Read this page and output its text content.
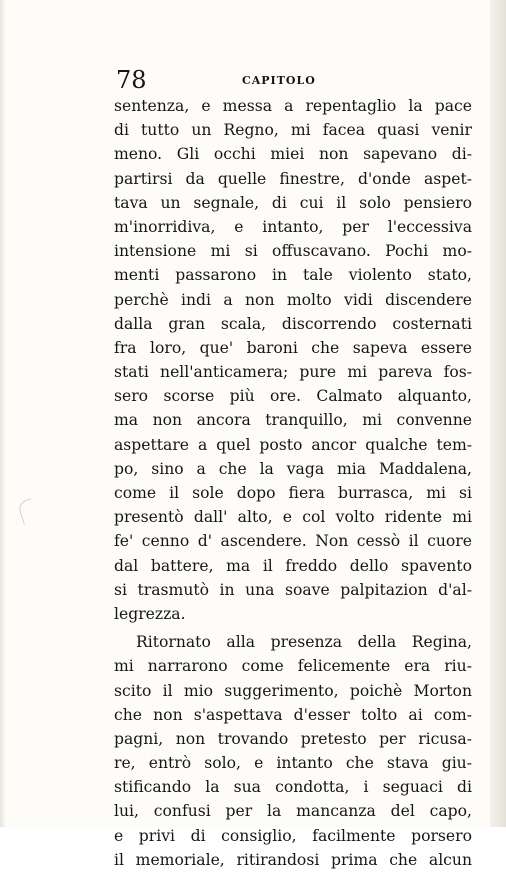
78	CAPITOLO
sentenza, e messa a repentaglio la pace
di tutto un Regno, mi facea quasi venir
meno. Gli occhi miei non sapevano di-
partirsi da quelle finestre, d'onde aspet-
tava un segnale, di cui il solo pensiero
m'inorridiva, e intanto, per l'eccessiva
intensione mi si offuscavano. Pochi mo-
menti passarono in tale violento stato,
perchè indi a non molto vidi discendere
dalla gran scala, discorrendo costernati
fra loro, que' baroni che sapeva essere
stati nell'anticamera; pure mi pareva fos-
sero scorse più ore. Calmato alquanto,
ma non ancora tranquillo, mi convenne
aspettare a quel posto ancor qualche tem-
po, sino a che la vaga mia Maddalena,
come il sole dopo fiera burrasca, mi si
presentò dall' alto, e col volto ridente mi
fe' cenno d' ascendere. Non cessò il cuore
dal battere, ma il freddo dello spavento
si trasmutò in una soave palpitazion d'al-
legrezza.
Ritornato alla presenza della Regina,
mi narrarono come felicemente era riu-
scito il mio suggerimento, poichè Morton
che non s'aspettava d'esser tolto ai com-
pagni, non trovando pretesto per ricusa-
re, entrò solo, e intanto che stava giu-
stificando la sua condotta, i seguaci di
lui, confusi per la mancanza del capo,
e privi di consiglio, facilmente porsero
il memoriale, ritirandosi prima che alcun
